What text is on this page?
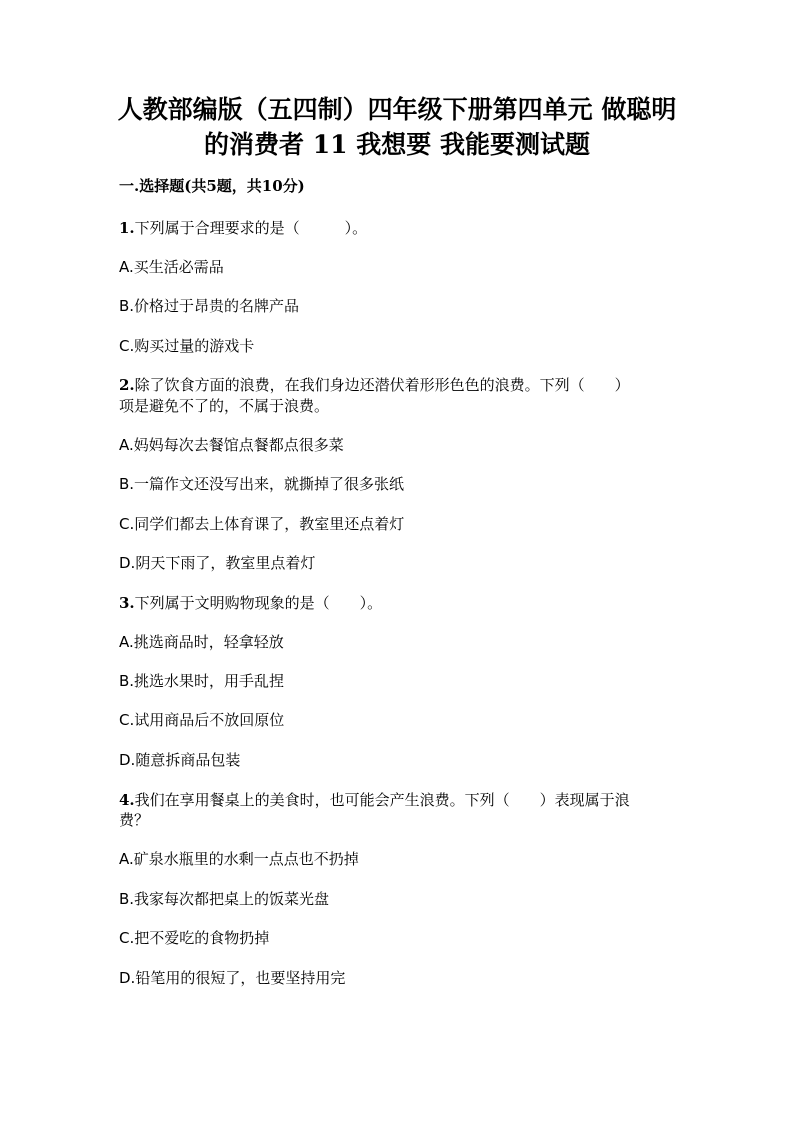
人教部编版（五四制）四年级下册第四单元 做聪明
的消费者 11 我想要 我能要测试题
一.选择题(共5题，共10分)
1.下列属于合理要求的是（　　　）。
A.买生活必需品
B.价格过于昂贵的名牌产品
C.购买过量的游戏卡
2.除了饮食方面的浪费，在我们身边还潜伏着形形色色的浪费。下列（　　）
项是避免不了的，不属于浪费。
A.妈妈每次去餐馆点餐都点很多菜
B.一篇作文还没写出来，就撕掉了很多张纸
C.同学们都去上体育课了，教室里还点着灯
D.阴天下雨了，教室里点着灯
3.下列属于文明购物现象的是（　　）。
A.挑选商品时，轻拿轻放
B.挑选水果时，用手乱捏
C.试用商品后不放回原位
D.随意拆商品包装
4.我们在享用餐桌上的美食时，也可能会产生浪费。下列（　　）表现属于浪
费？
A.矿泉水瓶里的水剩一点点也不扔掉
B.我家每次都把桌上的饭菜光盘
C.把不爱吃的食物扔掉
D.铅笔用的很短了，也要坚持用完
